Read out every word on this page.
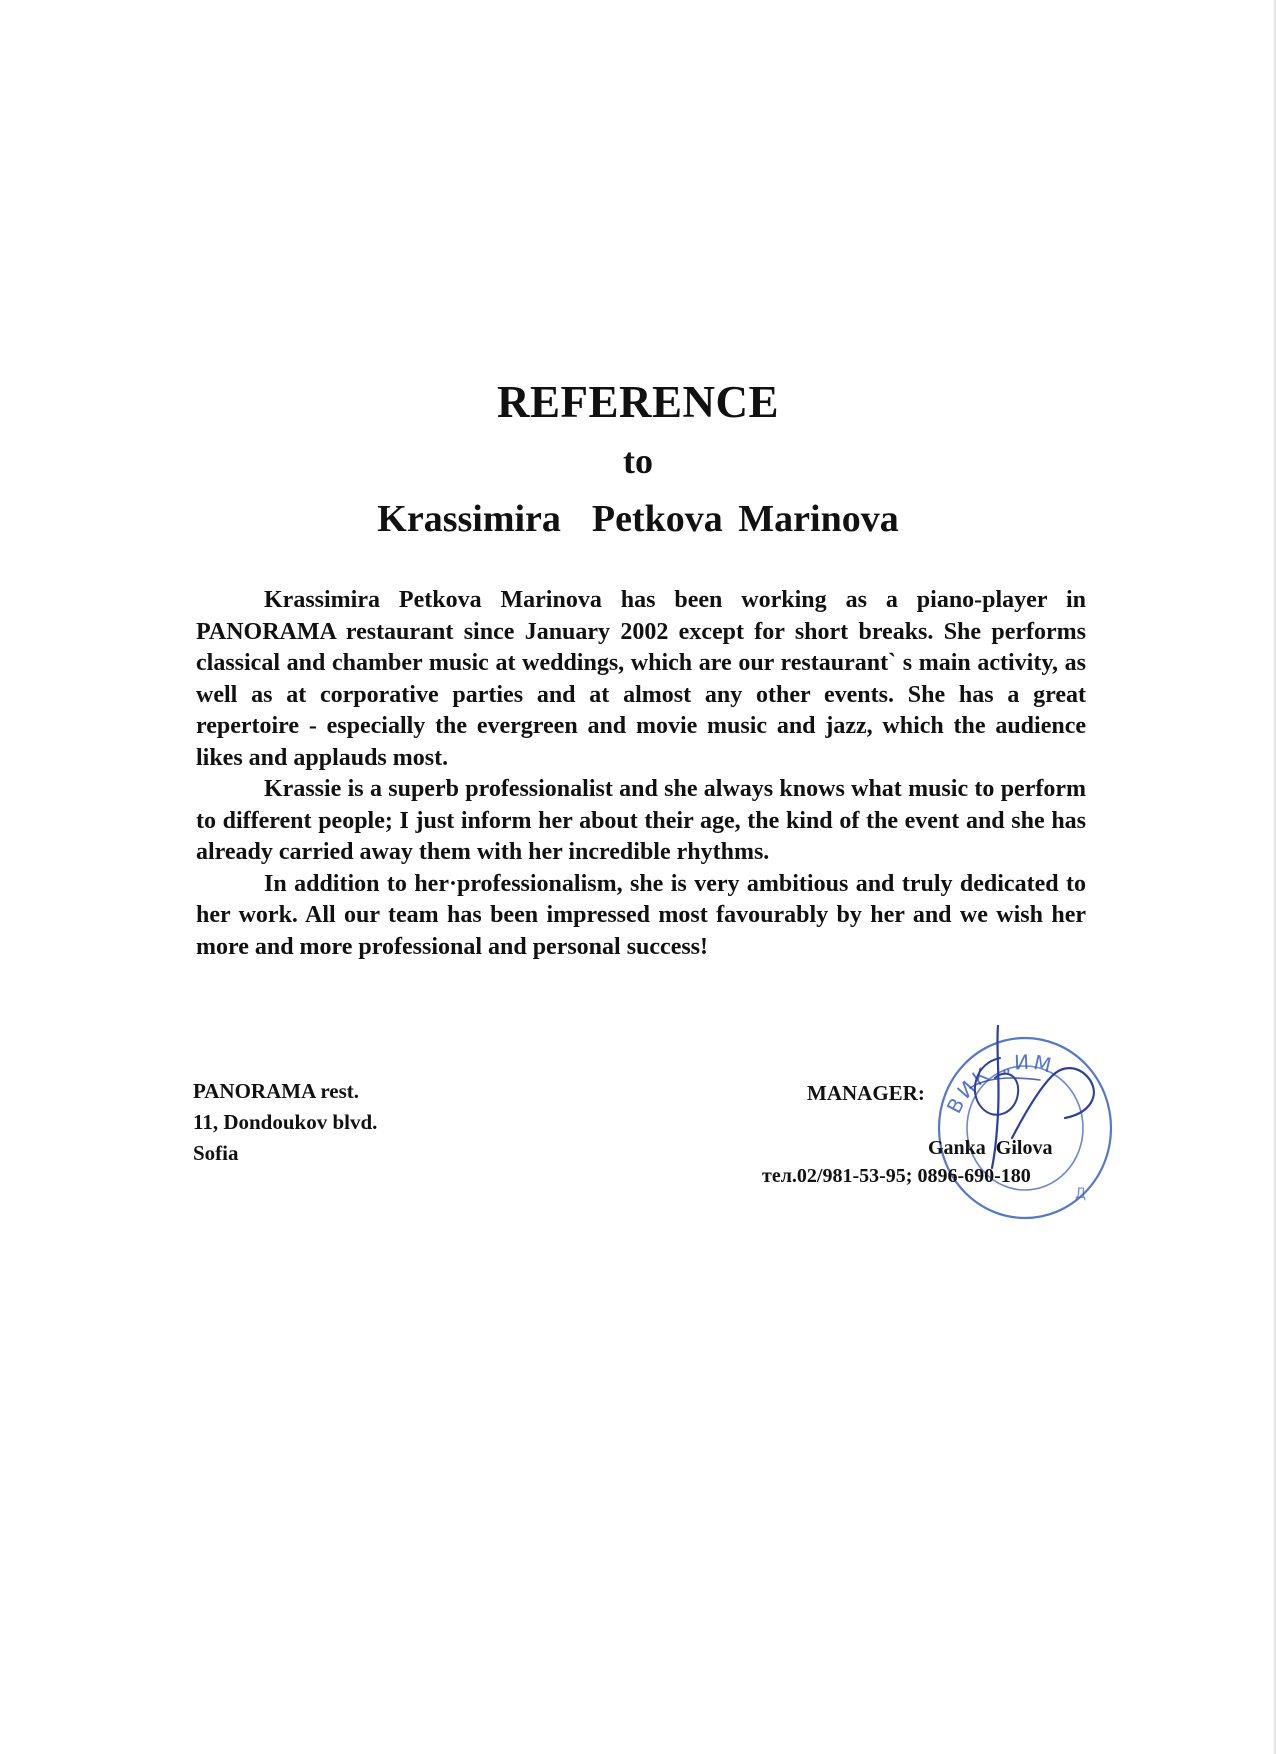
REFERENCE
to
Krassimira  Petkova Marinova

Krassimira Petkova Marinova has been working as a piano-player in PANORAMA restaurant since January 2002 except for short breaks. She performs classical and chamber music at weddings, which are our restaurant` s main activity, as well as at corporative parties and at almost any other events. She has a great repertoire - especially the evergreen and movie music and jazz, which the audience likes and applauds most.

Krassie is a superb professionalist and she always knows what music to perform to different people; I just inform her about their age, the kind of the event and she has already carried away them with her incredible rhythms.

In addition to her·professionalism, she is very ambitious and truly dedicated to her work. All our team has been impressed most favourably by her and we wish her more and more professional and personal success!

PANORAMA rest.
11, Dondoukov blvd.
Sofia
ВИК „ИМ
Д
MANAGER:
Ganka  Gilova
тел.02/981-53-95; 0896-690-180
